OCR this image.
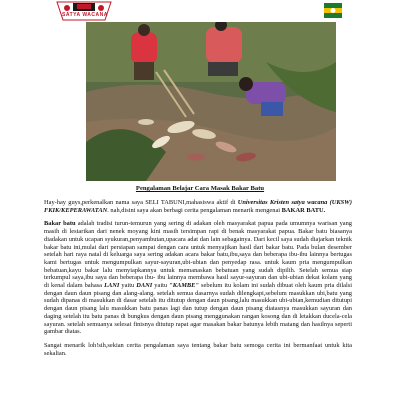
SATYA WACANA
Pengalaman Belajar Cara Masak Bakar Batu

Hay-hay guys,perkenalkan nama saya SELI TABUNI,mahasiswa aktif di Universitas Kristen satya wacana (UKSW) FKIK/KEPERAWATAN. nah,disini saya akan berbagi cerita pengalaman menarik mengenai BAKAR BATU.

Bakar batu adalah tradisi turun-temurun yang sering di adakan oleh masyarakat papua pada umumnya warisan yang masih di lestarikan dari nenek moyang kini masih tersimpan rapi di benak masyarakat papua. Bakar batu biasanya diadakan untuk ucapan syukuran,penyambutan,upacara adat dan lain sebagainya. Dari kecil saya sudah diajarkan teknik bakar batu ini,mulai dari persiapan sampai dengan cara untuk menyajikan hasil dari bakar batu. Pada bulan desember setelah hari raya natal di keluarga saya sering adakan acara bakar batu,ibu,saya dan beberapa ibu-ibu lainnya bertugas kami bertugas untuk mengumpulkan sayur-sayuran,ubi-ubian dan penyedap rasa. untuk kaum pria mengumpulkan bebatuan,kayu bakar lalu menyiapkannya untuk memanaskan bebatuan yang sudah dipilih. Setelah semua siap terkumpul saya,ibu saya dan beberapa ibu- ibu lainnya membawa hasil sayur-sayuran dan ubi-ubian dekat kolam yang di kenal dalam bahasa LANI yaitu DANI yaitu "KAMBE" sebelum itu kolam ini sudah dibuat oleh kaum pria dilalsi dengan daun daun pisang dan alang-alang. setelah semua dasarnya sudah dilengkapi,sebelum masukkan ubi,batu yang sudah dipanas di masukkan di dasar setelah itu ditutup dengan daun pisang,lalu masukkan ubi-ubian,kemudian ditutupi dengan daun pisang lalu masukkan batu panas lagi dan tutup dengan daun pisang diatasnya masukkan sayuran dan daging setelah itu batu panas di bungkus dengan daun pisang menggunakan rangan kosong dan di letakkan ducela-cela sayuran. setelah semuanya selesai finisnya ditutup rapat agar masakan bakar batunya lebih matang dan hasilnya seperti gambar diatas.

Sangat menarik loh!sih,sekian cerita pengalaman saya tentang bakar batu semoga cerita ini bermanfaat untuk kita sekalian.
